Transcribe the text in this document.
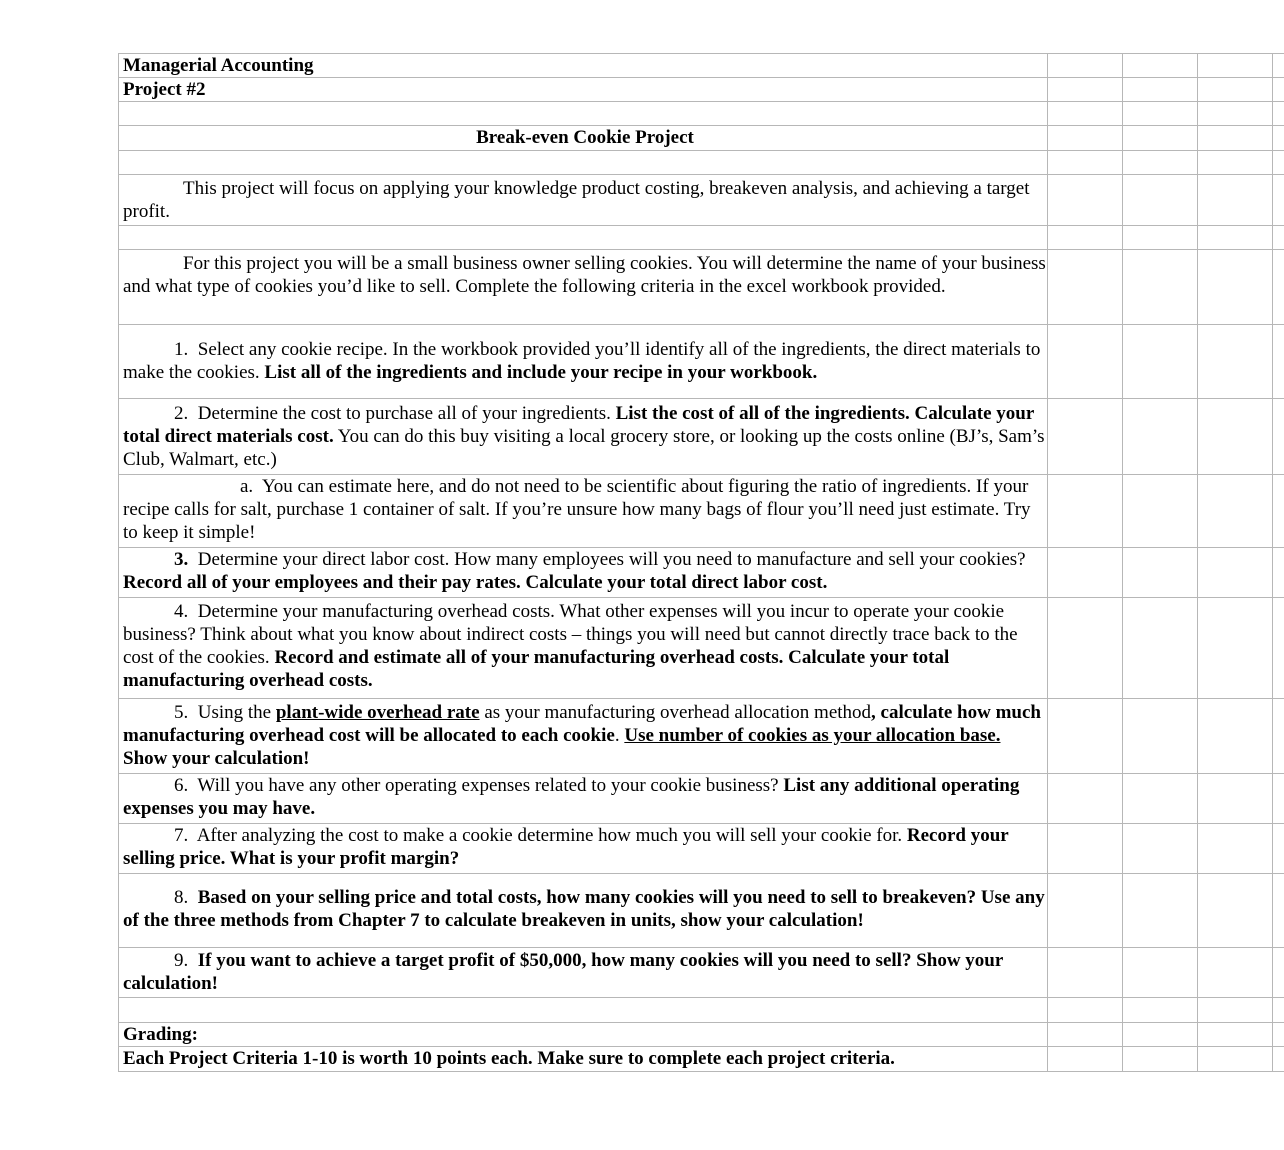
Managerial Accounting				
Project #2				

Break-even Cookie Project				

This project will focus on applying your knowledge product costing, breakeven analysis, and achieving a target profit.				

For this project you will be a small business owner selling cookies. You will determine the name of your business and what type of cookies you’d like to sell. Complete the following criteria in the excel workbook provided.				
1. Select any cookie recipe. In the workbook provided you’ll identify all of the ingredients, the direct materials to make the cookies. List all of the ingredients and include your recipe in your workbook.				
2. Determine the cost to purchase all of your ingredients. List the cost of all of the ingredients. Calculate your total direct materials cost. You can do this buy visiting a local grocery store, or looking up the costs online (BJ’s, Sam’s Club, Walmart, etc.)				
a. You can estimate here, and do not need to be scientific about figuring the ratio of ingredients. If your recipe calls for salt, purchase 1 container of salt. If you’re unsure how many bags of flour you’ll need just estimate. Try to keep it simple!				
3. Determine your direct labor cost. How many employees will you need to manufacture and sell your cookies? Record all of your employees and their pay rates. Calculate your total direct labor cost.				
4. Determine your manufacturing overhead costs. What other expenses will you incur to operate your cookie business? Think about what you know about indirect costs – things you will need but cannot directly trace back to the cost of the cookies. Record and estimate all of your manufacturing overhead costs. Calculate your total manufacturing overhead costs.				
5. Using the plant-wide overhead rate as your manufacturing overhead allocation method, calculate how much manufacturing overhead cost will be allocated to each cookie. Use number of cookies as your allocation base. Show your calculation!				
6. Will you have any other operating expenses related to your cookie business? List any additional operating expenses you may have.				
7. After analyzing the cost to make a cookie determine how much you will sell your cookie for. Record your selling price. What is your profit margin?				
8. Based on your selling price and total costs, how many cookies will you need to sell to breakeven? Use any of the three methods from Chapter 7 to calculate breakeven in units, show your calculation!				
9. If you want to achieve a target profit of $50,000, how many cookies will you need to sell? Show your calculation!				

Grading:				
Each Project Criteria 1-10 is worth 10 points each. Make sure to complete each project criteria.				
